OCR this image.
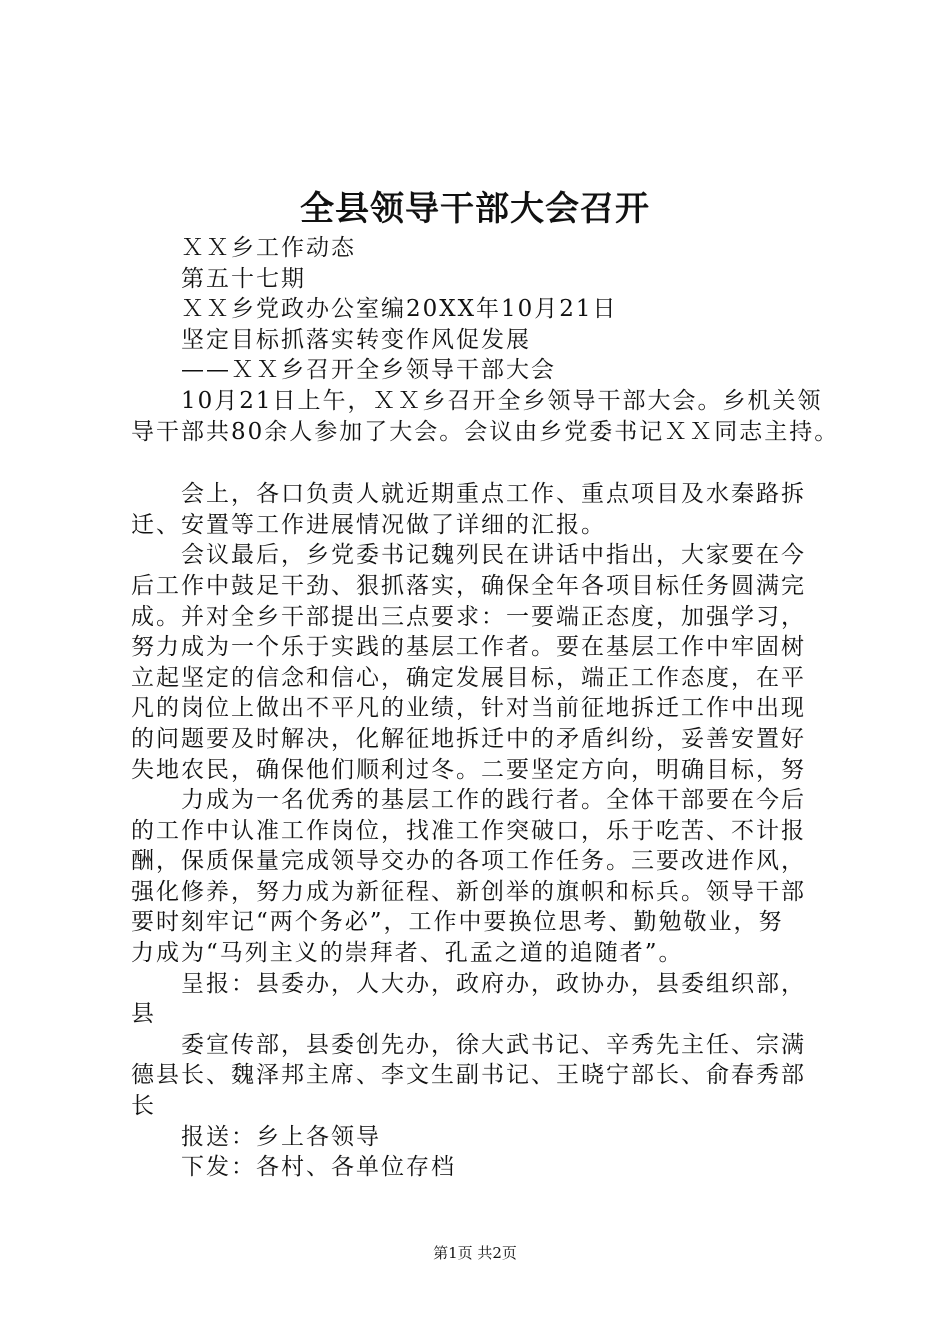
全县领导干部大会召开
ＸＸ乡工作动态
第五十七期
ＸＸ乡党政办公室编20XX年10月21日
坚定目标抓落实转变作风促发展
——ＸＸ乡召开全乡领导干部大会
10月21日上午，ＸＸ乡召开全乡领导干部大会。乡机关领
导干部共80余人参加了大会。会议由乡党委书记ＸＸ同志主持。
会上，各口负责人就近期重点工作、重点项目及水秦路拆
迁、安置等工作进展情况做了详细的汇报。
会议最后，乡党委书记魏列民在讲话中指出，大家要在今
后工作中鼓足干劲、狠抓落实，确保全年各项目标任务圆满完
成。并对全乡干部提出三点要求：一要端正态度，加强学习，
努力成为一个乐于实践的基层工作者。要在基层工作中牢固树
立起坚定的信念和信心，确定发展目标，端正工作态度，在平
凡的岗位上做出不平凡的业绩，针对当前征地拆迁工作中出现
的问题要及时解决，化解征地拆迁中的矛盾纠纷，妥善安置好
失地农民，确保他们顺利过冬。二要坚定方向，明确目标，努
力成为一名优秀的基层工作的践行者。全体干部要在今后
的工作中认准工作岗位，找准工作突破口，乐于吃苦、不计报
酬，保质保量完成领导交办的各项工作任务。三要改进作风，
强化修养，努力成为新征程、新创举的旗帜和标兵。领导干部
要时刻牢记“两个务必”，工作中要换位思考、勤勉敬业，努
力成为“马列主义的崇拜者、孔孟之道的追随者”。
呈报：县委办，人大办，政府办，政协办，县委组织部，
县
委宣传部，县委创先办，徐大武书记、辛秀先主任、宗满
德县长、魏泽邦主席、李文生副书记、王晓宁部长、俞春秀部
长
报送：乡上各领导
下发：各村、各单位存档
第1页 共2页
